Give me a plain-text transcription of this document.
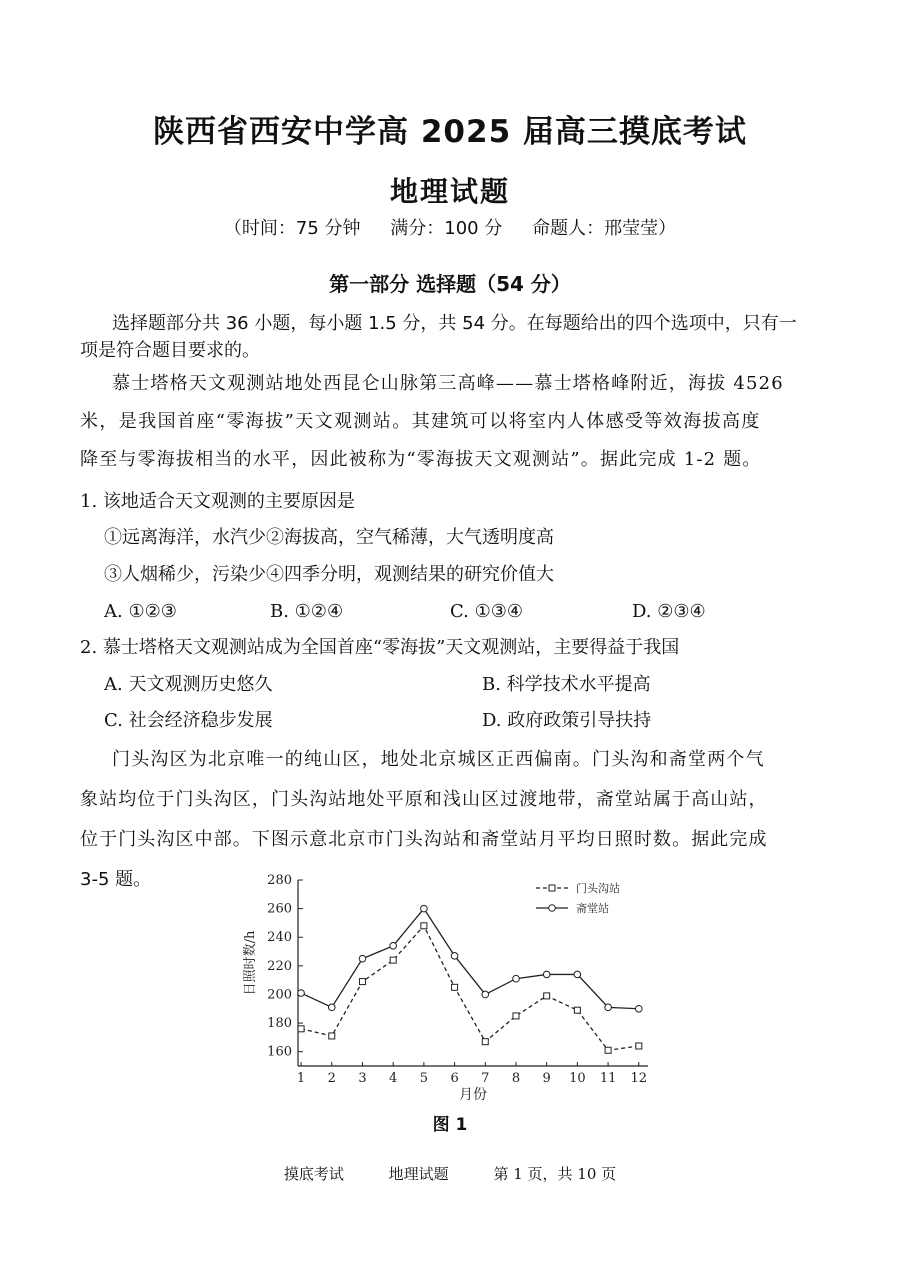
陕西省西安中学高 2025 届高三摸底考试
地理试题
（时间：75 分钟 满分：100 分 命题人：邢莹莹）
第一部分 选择题（54 分）
选择题部分共 36 小题，每小题 1.5 分，共 54 分。在每题给出的四个选项中，只有一
项是符合题目要求的。
慕士塔格天文观测站地处西昆仑山脉第三高峰——慕士塔格峰附近，海拔 4526
米，是我国首座“零海拔”天文观测站。其建筑可以将室内人体感受等效海拔高度
降至与零海拔相当的水平，因此被称为“零海拔天文观测站”。据此完成 1-2 题。
1. 该地适合天文观测的主要原因是
①远离海洋，水汽少②海拔高，空气稀薄，大气透明度高
③人烟稀少，污染少④四季分明，观测结果的研究价值大
A. ①②③	B. ①②④	C. ①③④	D. ②③④
2. 慕士塔格天文观测站成为全国首座“零海拔”天文观测站，主要得益于我国
A. 天文观测历史悠久	B. 科学技术水平提高
C. 社会经济稳步发展	D. 政府政策引导扶持
门头沟区为北京唯一的纯山区，地处北京城区正西偏南。门头沟和斋堂两个气
象站均位于门头沟区，门头沟站地处平原和浅山区过渡地带，斋堂站属于高山站，
位于门头沟区中部。下图示意北京市门头沟站和斋堂站月平均日照时数。据此完成
3-5 题。
160
180
200
220
240
260
280
1 2 3 4 5 6 7 8 9 10 11 12
月份
日照时数/h
门头沟站
斋堂站
图 1
摸底考试	地理试题	第 1 页，共 10 页
